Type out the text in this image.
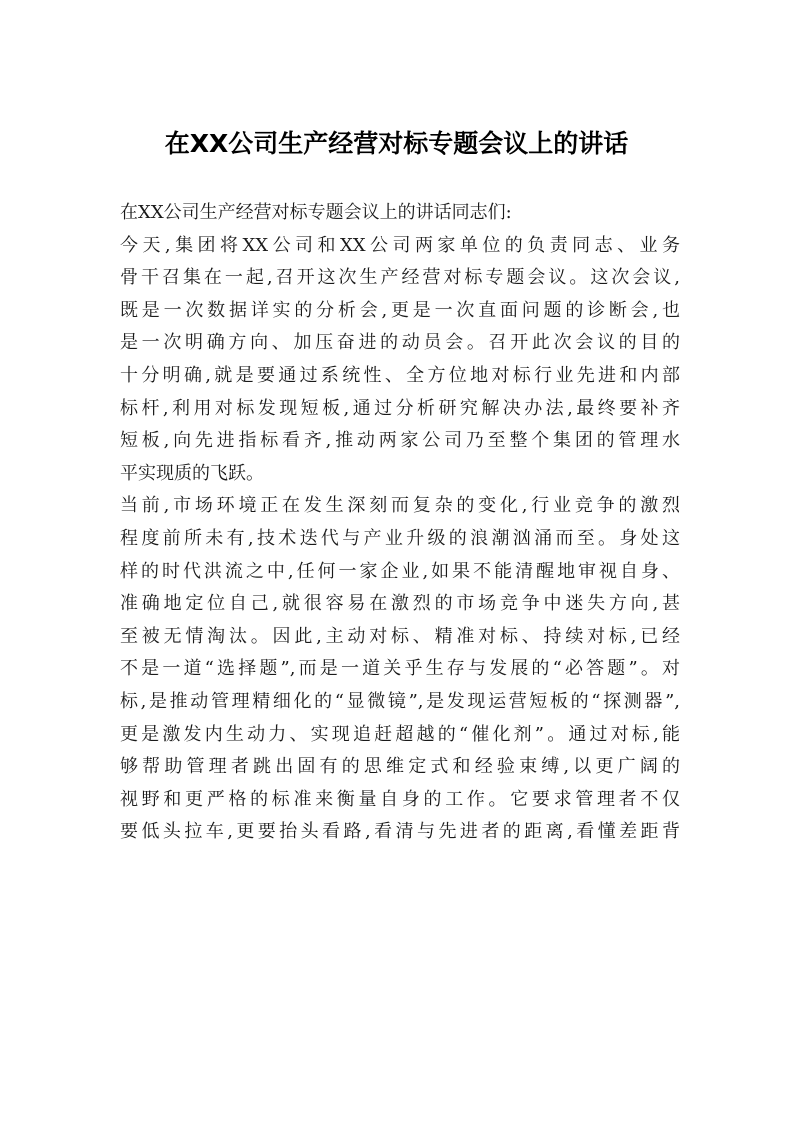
在XX公司生产经营对标专题会议上的讲话
在XX公司生产经营对标专题会议上的讲话同志们:
今天,集团将XX公司和XX公司两家单位的负责同志、业务
骨干召集在一起,召开这次生产经营对标专题会议。这次会议,
既是一次数据详实的分析会,更是一次直面问题的诊断会,也
是一次明确方向、加压奋进的动员会。召开此次会议的目的
十分明确,就是要通过系统性、全方位地对标行业先进和内部
标杆,利用对标发现短板,通过分析研究解决办法,最终要补齐
短板,向先进指标看齐,推动两家公司乃至整个集团的管理水
平实现质的飞跃。
当前,市场环境正在发生深刻而复杂的变化,行业竞争的激烈
程度前所未有,技术迭代与产业升级的浪潮汹涌而至。身处这
样的时代洪流之中,任何一家企业,如果不能清醒地审视自身、
准确地定位自己,就很容易在激烈的市场竞争中迷失方向,甚
至被无情淘汰。因此,主动对标、精准对标、持续对标,已经
不是一道“选择题”,而是一道关乎生存与发展的“必答题”。对
标,是推动管理精细化的“显微镜”,是发现运营短板的“探测器”,
更是激发内生动力、实现追赶超越的“催化剂”。通过对标,能
够帮助管理者跳出固有的思维定式和经验束缚,以更广阔的
视野和更严格的标准来衡量自身的工作。它要求管理者不仅
要低头拉车,更要抬头看路,看清与先进者的距离,看懂差距背
